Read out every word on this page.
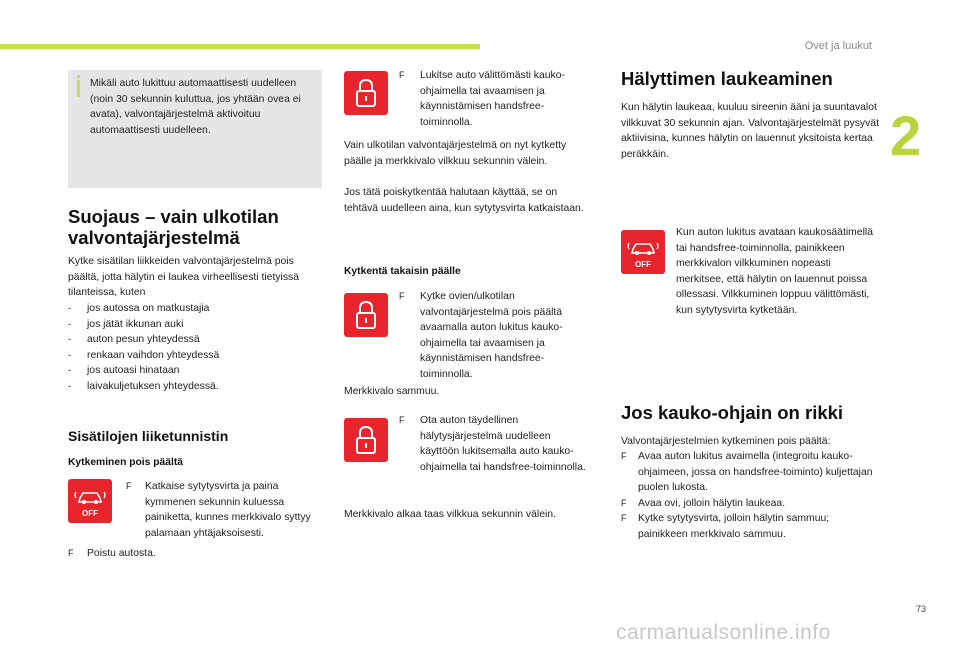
Ovet ja luukut
2
Mikäli auto lukittuu automaattisesti uudelleen (noin 30 sekunnin kuluttua, jos yhtään ovea ei avata), valvontajärjestelmä aktivoituu automaattisesti uudelleen.
Suojaus – vain ulkotilan valvontajärjestelmä
Kytke sisätilan liikkeiden valvontajärjestelmä pois päältä, jotta hälytin ei laukea virheellisesti tietyissä tilanteissa, kuten
- jos autossa on matkustajia
- jos jätät ikkunan auki
- auton pesun yhteydessä
- renkaan vaihdon yhteydessä
- jos autoasi hinataan
- laivakuljetuksen yhteydessä.
Sisätilojen liiketunnistin
Kytkeminen pois päältä
OFF
F	Katkaise sytytysvirta ja paina kymmenen sekunnin kuluessa painiketta, kunnes merkkivalo syttyy palamaan yhtäjaksoisesti.
F	Poistu autosta.
F	Lukitse auto välittömästi kauko-ohjaimella tai avaamisen ja käynnistämisen handsfree-toiminnolla.
Vain ulkotilan valvontajärjestelmä on nyt kytketty päälle ja merkkivalo vilkkuu sekunnin välein.
Jos tätä poiskytkentää halutaan käyttää, se on tehtävä uudelleen aina, kun sytytysvirta katkaistaan.
Kytkentä takaisin päälle
F	Kytke ovien/ulkotilan valvontajärjestelmä pois päältä avaamalla auton lukitus kauko-ohjaimella tai avaamisen ja käynnistämisen handsfree-toiminnolla.
Merkkivalo sammuu.
F	Ota auton täydellinen hälytysjärjestelmä uudelleen käyttöön lukitsemalla auto kauko-ohjaimella tai handsfree-toiminnolla.
Merkkivalo alkaa taas vilkkua sekunnin välein.
Hälyttimen laukeaminen
Kun hälytin laukeaa, kuuluu sireenin ääni ja suuntavalot vilkkuvat 30 sekunnin ajan. Valvontajärjestelmät pysyvät aktiivisina, kunnes hälytin on lauennut yksitoista kertaa peräkkäin.
OFF
Kun auton lukitus avataan kaukosäätimellä tai handsfree-toiminnolla, painikkeen merkkivalon vilkkuminen nopeasti merkitsee, että hälytin on lauennut poissa ollessasi. Vilkkuminen loppuu välittömästi, kun sytytysvirta kytketään.
Jos kauko-ohjain on rikki
Valvontajärjestelmien kytkeminen pois päältä:
F Avaa auton lukitus avaimella (integroitu kauko-ohjaimeen, jossa on handsfree-toiminto) kuljettajan puolen lukosta.
F Avaa ovi, jolloin hälytin laukeaa.
F Kytke sytytysvirta, jolloin hälytin sammuu; painikkeen merkkivalo sammuu.
73
carmanualsonline.info
